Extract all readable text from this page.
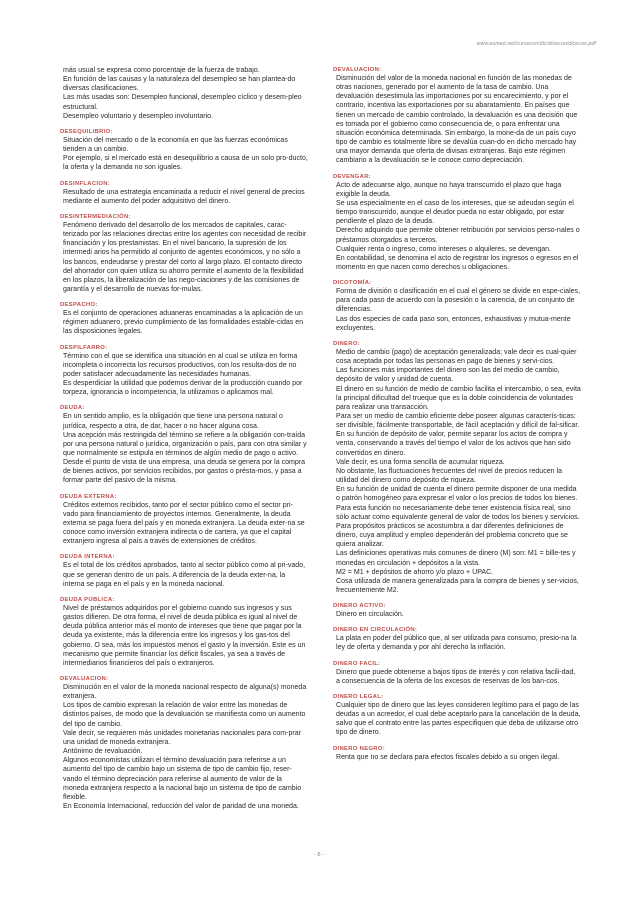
www.eumed.net/cursecon/dic/dicecon/dicecon.pdf

más usual se expresa como porcentaje de la fuerza de trabajo.

En función de las causas y la naturaleza del desempleo se han plantea-do diversas clasificaciones.

Las más usadas son: Desempleo funcional, desempleo cíclico y desem-pleo estructural.

Desempleo voluntario y desempleo involuntario.

DESEQUILIBRIO:

Situación del mercado o de la economía en que las fuerzas económicas tienden a un cambio.

Por ejemplo, si el mercado está en desequilibrio a causa de un solo pro-ducto, la oferta y la demanda no son iguales.

DESINFLACION:

Resultado de una estrategia encaminada a reducir el nivel general de precios mediante el aumento del poder adquisitivo del dinero.

DESINTERMEDIACIÓN:

Fenómeno derivado del desarrollo de los mercados de capitales, carac-terizado por las relaciones directas entre los agentes con necesidad de recibir financiación y los prestamistas. En el nivel bancario, la supresión de los intermedi arios ha permitido al conjunto de agentes económicos, y no sólo a los bancos, endeudarse y prestar del corto al largo plazo. El contacto directo del ahorrador con quien utiliza su ahorro permite el aumento de la flexibilidad en los plazos, la liberalización de las nego-ciaciones y de las comisiones de garantía y el desarrollo de nuevas for-mulas.

DESPACHO:

Es el conjunto de operaciones aduaneras encaminadas a la aplicación de un régimen aduanero, previo cumplimiento de las formalidades estable-cidas en las disposiciones legales.

DESPILFARRO:

Término con el que se identifica una situación en al cual se utiliza en forma incompleta o incorrecta los recursos productivos, con los resulta-dos de no poder satisfacer adecuadamente las necesidades humanas.

Es desperdiciar la utilidad que podemos derivar de la producción cuando por torpeza, ignorancia o incompetencia, la utilizamos o aplicamos mal.

DEUDA:

En un sentido amplio, es la obligación que tiene una persona natural o jurídica, respecto a otra, de dar, hacer o no hacer alguna cosa.

Una acepción más restringida del término se refiere a la obligación con-traída por una persona natural o jurídica, organización o país, para con otra similar y que normalmente se estipula en términos de algún medio de pago o activo.

Desde el punto de vista de una empresa, una deuda se genera por la compra de bienes activos, por servicios recibidos, por gastos o présta-mos, y pasa a formar parte del pasivo de la misma.

DEUDA EXTERNA:

Créditos externos recibidos, tanto por el sector público como el sector pri-vado para financiamiento de proyectos internos. Generalmente, la deuda externa se paga fuera del país y en moneda extranjera. La deuda exter-na se conoce como inversión extranjera indirecta o de cartera, ya que el capital extranjero ingresa al país a través de extensiones de créditos.

DEUDA INTERNA:

Es el total de los créditos aprobados, tanto al sector público como al pri-vado, que se generan dentro de un país. A diferencia de la deuda exter-na, la interna se paga en el país y en la moneda nacional.

DEUDA PÚBLICA:

Nivel de préstamos adquiridos por el gobierno cuando sus ingresos y sus gastos difieren. De otra forma, el nivel de deuda pública es igual al nivel de deuda pública anterior más el monto de intereses que tiene que pagar por la deuda ya existente, más la diferencia entre los ingresos y los gas-tos del gobierno. O sea, más los impuestos menos el gasto y la inversión. Este es un mecanismo que permite financiar los déficit fiscales, ya sea a través de intermediarios financieros del país o extranjeros.

DEVALUACION:

Disminución en el valor de la moneda nacional respecto de alguna(s) moneda extranjera.

Los tipos de cambio expresan la relación de valor entre las monedas de distintos países, de modo que la devaluación se manifiesta como un aumento del tipo de cambio.

Vale decir, se requieren más unidades monetarias nacionales para com-prar una unidad de moneda extranjera.

Antónimo de revaluación.

Algunos economistas utilizan el término devaluación para referirse a un aumento del tipo de cambio bajo un sistema de tipo de cambio fijo, reser-vando el término depreciación para referirse al aumento de valor de la moneda extranjera respecto a la nacional bajo un sistema de tipo de cambio flexible.

En Economía Internacional, reducción del valor de paridad de una moneda.

DEVALUACION:

Disminución del valor de la moneda nacional en función de las monedas de otras naciones, generado por el aumento de la tasa de cambio. Una devaluación desestimula las importaciones por su encarecimiento, y por el contrario, incentiva las exportaciones por su abaratamiento. En países que tienen un mercado de cambio controlado, la devaluación es una decisión que es tomada por el gobierno como consecuencia de, o para enfrentar una situación económica determinada. Sin embargo, la mone-da de un país cuyo tipo de cambio es totalmente libre se devalúa cuan-do en dicho mercado hay una mayor demanda que oferta de divisas extranjeras. Bajo este régimen cambiario a la devaluación se le conoce como depreciación.

DEVENGAR:

Acto de adecuarse algo, aunque no haya transcurrido el plazo que haga exigible la deuda.

Se usa especialmente en el caso de los intereses, que se adeudan según el tiempo transcurrido, aunque el deudor pueda no estar obligado, por estar pendiente el plazo de la deuda.

Derecho adquirido que permite obtener retribución por servicios perso-nales o préstamos otorgados a terceros.

Cualquier renta o ingreso, como intereses o alquileres, se devengan.

En contabilidad, se denomina el acto de registrar los ingresos o egresos en el momento en que nacen como derechos u obligaciones.

DICOTOMÍA:

Forma de división o clasificación en el cual el género se divide en espe-ciales, para cada paso de acuerdo con la posesión o la carencia, de un conjunto de diferencias.

Las dos especies de cada paso son, entonces, exhaustivas y mutua-mente excluyentes.

DINERO:

Medio de cambio (pago) de aceptación generalizada; vale decir es cual-quier cosa aceptada por todas las personas en pago de bienes y servi-cios.

Las funciones más importantes del dinero son las del medio de cambio, depósito de valor y unidad de cuenta.

El dinero en su función de medio de cambio facilita el intercambio, o sea, evita la principal dificultad del trueque que es la doble coincidencia de voluntades para realizar una transacción.

Para ser un medio de cambio eficiente debe poseer algunas caracterís-ticas:

ser divisible, fácilmente transportable, de fácil aceptación y difícil de fal-sificar.

En su función de depósito de valor, permite separar los actos de compra y venta, conservando a través del tiempo el valor de los activos que han sido convertidos en dinero.

Vale decir, es una forma sencilla de acumular riqueza.

No obstante, las fluctuaciones frecuentes del nivel de precios reducen la utilidad del dinero como depósito de riqueza.

En su función de unidad de cuenta el dinero permite disponer de una medida o patrón homogéneo para expresar el valor o los precios de todos los bienes.

Para esta función no necesariamente debe tener existencia física real, sino sólo actuar como equivalente general de valor de todos los bienes y servicios.

Para propósitos prácticos se acostumbra a dar diferentes definiciones de dinero, cuya amplitud y empleo dependerán del problema concreto que se quiera analizar.

Las definiciones operativas más comunes de dinero (M) son: M1 = bille-tes y monedas en circulación + depósitos a la vista.

M2 = M1 + depósitos de ahorro y/o plazo + UPAC.

Cosa utilizada de manera generalizada para la compra de bienes y ser-vicios, frecuentemente M2.

DINERO ACTIVO:

Dinero en circulación.

DINERO EN CIRCULACIÓN:

La plata en poder del público que, al ser utilizada para consumo, presio-na la ley de oferta y demanda y por ahí derecho la inflación.

DINERO FACIL:

Dinero que puede obtenerse a bajos tipos de interés y con relativa facili-dad, a consecuencia de la oferta de los excesos de reservas de los ban-cos.

DINERO LEGAL:

Cualquier tipo de dinero que las leyes consideren legítimo para el pago de las deudas a un acreedor, el cual debe aceptarlo para la cancelación de la deuda, salvo que el contrato entre las partes especifiquen que deba de utilizarse otro tipo de dinero.

DINERO NEGRO:

Renta que no se declara para efectos fiscales debido a su origen ilegal.

- 8 -
